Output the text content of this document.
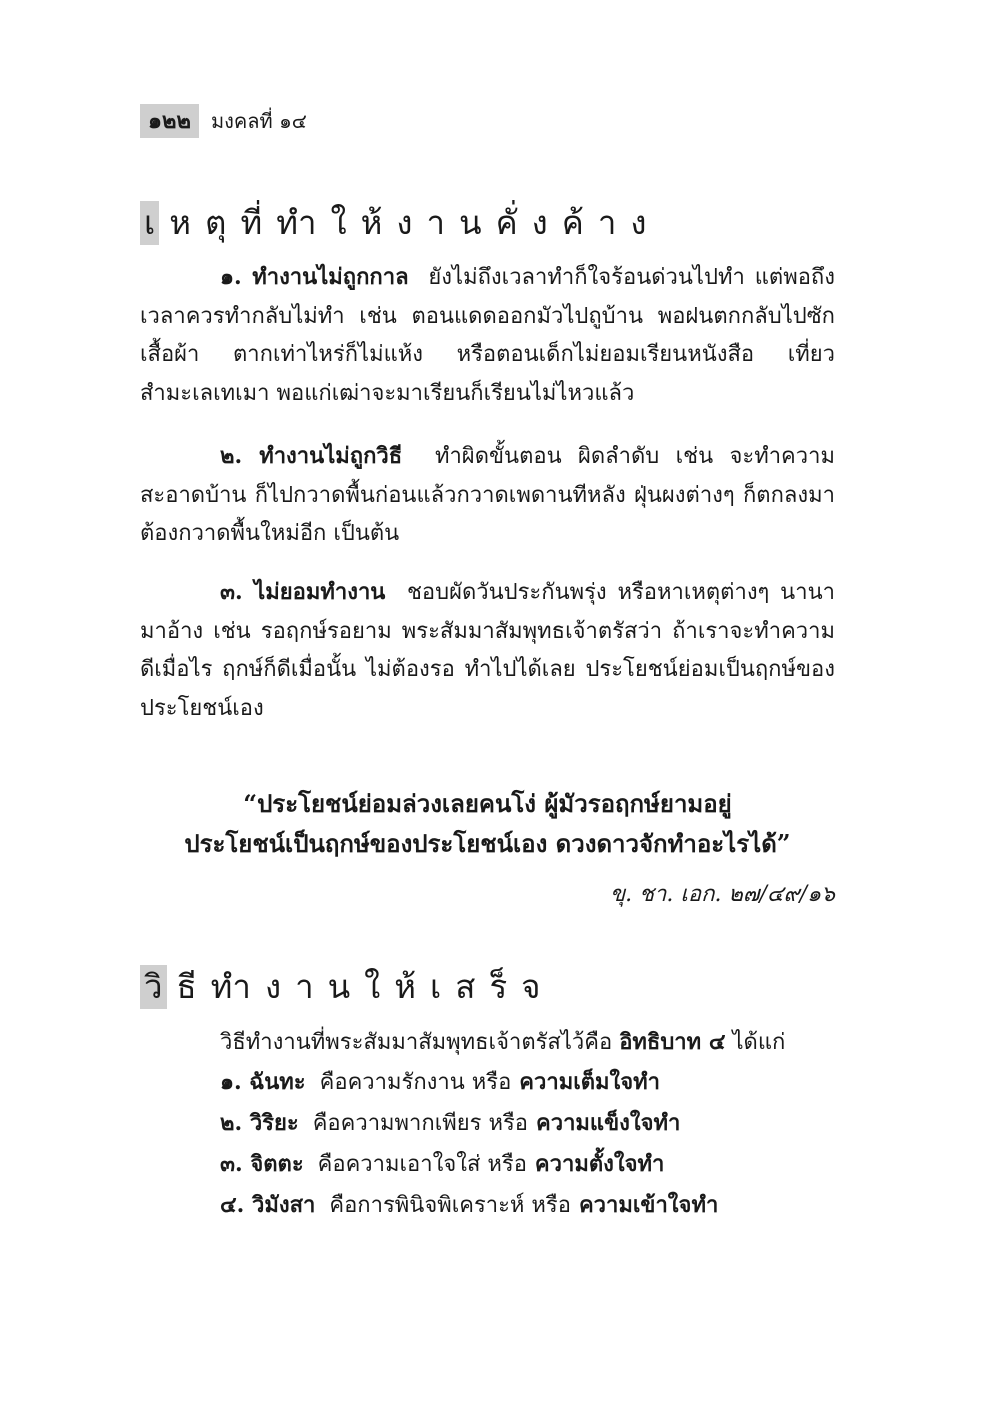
๑๒๒	มงคลที่ ๑๔
เ หตุที่ทำให้งานคั่งค้าง
๑. ทำงานไม่ถูกกาล ยังไม่ถึงเวลาทำก็ใจร้อนด่วนไปทำ แต่พอถึงเวลาควรทำกลับไม่ทำ เช่น ตอนแดดออกมัวไปถูบ้าน พอฝนตกกลับไปซักเสื้อผ้า ตากเท่าไหร่ก็ไม่แห้ง หรือตอนเด็กไม่ยอมเรียนหนังสือ เที่ยวสำมะเลเทเมา พอแก่เฒ่าจะมาเรียนก็เรียนไม่ไหวแล้ว
๒. ทำงานไม่ถูกวิธี ทำผิดขั้นตอน ผิดลำดับ เช่น จะทำความสะอาดบ้าน ก็ไปกวาดพื้นก่อนแล้วกวาดเพดานทีหลัง ฝุ่นผงต่างๆ ก็ตกลงมาต้องกวาดพื้นใหม่อีก เป็นต้น
๓. ไม่ยอมทำงาน ชอบผัดวันประกันพรุ่ง หรือหาเหตุต่างๆ นานามาอ้าง เช่น รอฤกษ์รอยาม พระสัมมาสัมพุทธเจ้าตรัสว่า ถ้าเราจะทำความดีเมื่อไร ฤกษ์ก็ดีเมื่อนั้น ไม่ต้องรอ ทำไปได้เลย ประโยชน์ย่อมเป็นฤกษ์ของประโยชน์เอง
“ประโยชน์ย่อมล่วงเลยคนโง่ ผู้มัวรอฤกษ์ยามอยู่
ประโยชน์เป็นฤกษ์ของประโยชน์เอง ดวงดาวจักทำอะไรได้”
ขุ. ชา. เอก. ๒๗/๔๙/๑๖
วิ ธีทำงานให้เสร็จ
วิธีทำงานที่พระสัมมาสัมพุทธเจ้าตรัสไว้คือ อิทธิบาท ๔ ได้แก่
๑. ฉันทะ คือความรักงาน หรือ ความเต็มใจทำ
๒. วิริยะ คือความพากเพียร หรือ ความแข็งใจทำ
๓. จิตตะ คือความเอาใจใส่ หรือ ความตั้งใจทำ
๔. วิมังสา คือการพินิจพิเคราะห์ หรือ ความเข้าใจทำ
